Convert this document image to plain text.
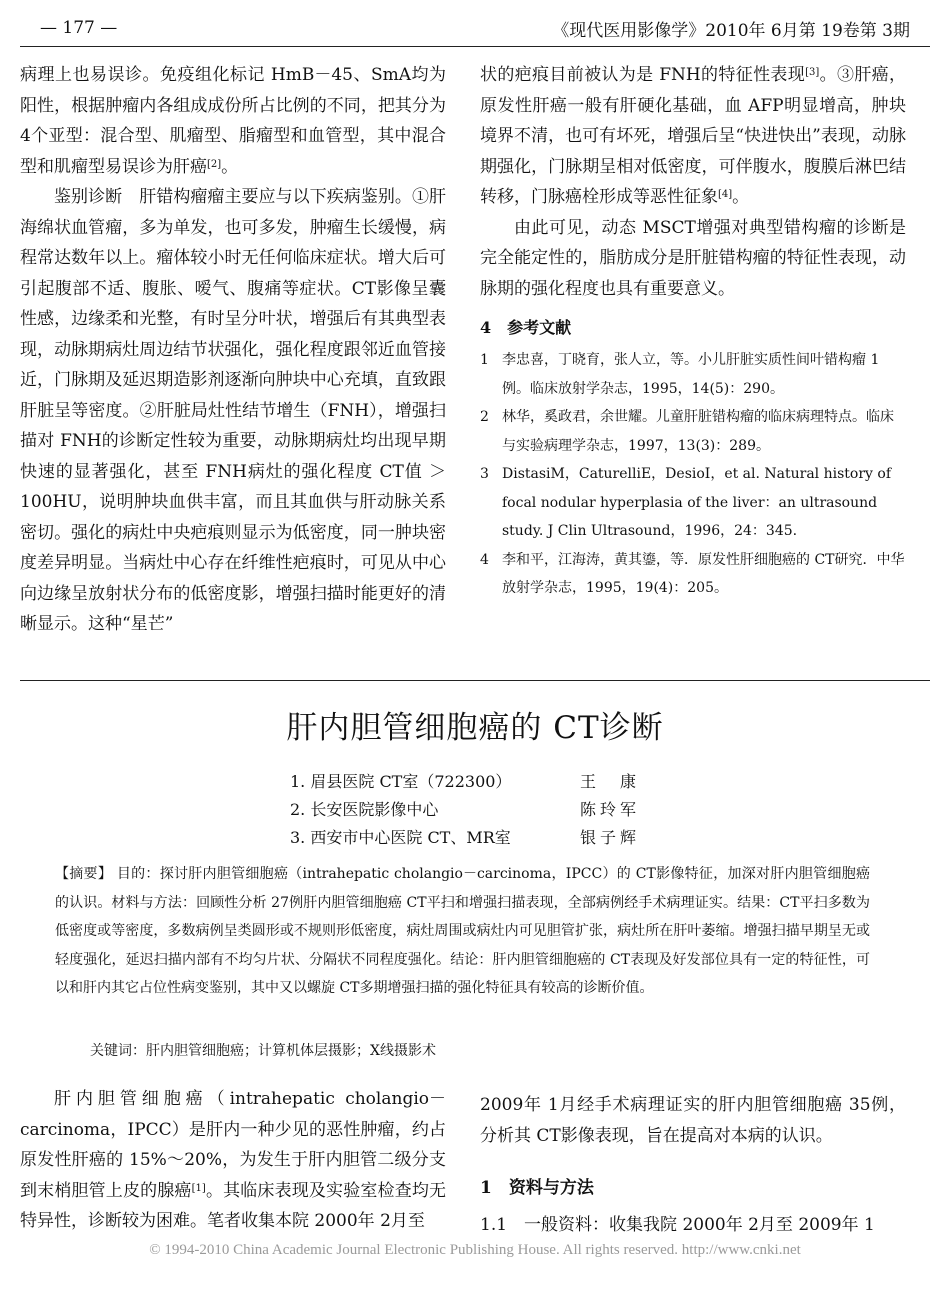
— 177 —	《现代医用影像学》2010年 6月第 19卷第 3期

病理上也易误诊。免疫组化标记 HmB－45、SmA均为阳性，根据肿瘤内各组成成份所占比例的不同，把其分为 4个亚型：混合型、肌瘤型、脂瘤型和血管型，其中混合型和肌瘤型易误诊为肝癌[2]。

鉴别诊断　肝错构瘤瘤主要应与以下疾病鉴别。①肝海绵状血管瘤，多为单发，也可多发，肿瘤生长缓慢，病程常达数年以上。瘤体较小时无任何临床症状。增大后可引起腹部不适、腹胀、嗳气、腹痛等症状。CT影像呈囊性感，边缘柔和光整，有时呈分叶状，增强后有其典型表现，动脉期病灶周边结节状强化，强化程度跟邻近血管接近，门脉期及延迟期造影剂逐渐向肿块中心充填，直致跟肝脏呈等密度。②肝脏局灶性结节增生（FNH），增强扫描对 FNH的诊断定性较为重要，动脉期病灶均出现早期快速的显著强化，甚至 FNH病灶的强化程度 CT值 ＞100HU，说明肿块血供丰富，而且其血供与肝动脉关系密切。强化的病灶中央疤痕则显示为低密度，同一肿块密度差异明显。当病灶中心存在纤维性疤痕时，可见从中心向边缘呈放射状分布的低密度影，增强扫描时能更好的清晰显示。这种“星芒”

状的疤痕目前被认为是 FNH的特征性表现[3]。③肝癌，原发性肝癌一般有肝硬化基础，血 AFP明显增高，肿块境界不清，也可有坏死，增强后呈“快进快出”表现，动脉期强化，门脉期呈相对低密度，可伴腹水，腹膜后淋巴结转移，门脉癌栓形成等恶性征象[4]。

由此可见，动态 MSCT增强对典型错构瘤的诊断是完全能定性的，脂肪成分是肝脏错构瘤的特征性表现，动脉期的强化程度也具有重要意义。

4　参考文献
1 李忠喜，丁晓育，张人立，等。小儿肝脏实质性间叶错构瘤 1例。临床放射学杂志，1995，14(5)：290。
2 林华，奚政君，余世耀。儿童肝脏错构瘤的临床病理特点。临床与实验病理学杂志，1997，13(3)：289。
3 DistasiM，CaturelliE，DesioI，et al. Natural history of focal nodular hyperplasia of the liver：an ultrasound study. J Clin Ultrasound，1996，24：345.
4 李和平，江海涛，黄其鎏，等．原发性肝细胞癌的 CT研究．中华放射学杂志，1995，19(4)：205。
肝内胆管细胞癌的 CT诊断
1. 眉县医院 CT室（722300）	王　康
2. 长安医院影像中心	陈玲军
3. 西安市中心医院 CT、MR室	银子辉
【摘要】 目的：探讨肝内胆管细胞癌（intrahepatic cholangio－carcinoma，IPCC）的 CT影像特征，加深对肝内胆管细胞癌的认识。材料与方法：回顾性分析 27例肝内胆管细胞癌 CT平扫和增强扫描表现，全部病例经手术病理证实。结果：CT平扫多数为低密度或等密度，多数病例呈类圆形或不规则形低密度，病灶周围或病灶内可见胆管扩张，病灶所在肝叶萎缩。增强扫描早期呈无或轻度强化，延迟扫描内部有不均匀片状、分隔状不同程度强化。结论：肝内胆管细胞癌的 CT表现及好发部位具有一定的特征性，可以和肝内其它占位性病变鉴别，其中又以螺旋 CT多期增强扫描的强化特征具有较高的诊断价值。
关键词：肝内胆管细胞癌；计算机体层摄影；X线摄影术

肝内胆管细胞癌（intrahepatic cholangio－carcinoma，IPCC）是肝内一种少见的恶性肿瘤，约占原发性肝癌的 15%～20%，为发生于肝内胆管二级分支到末梢胆管上皮的腺癌[1]。其临床表现及实验室检查均无特异性，诊断较为困难。笔者收集本院 2000年 2月至

2009年 1月经手术病理证实的肝内胆管细胞癌 35例，分析其 CT影像表现，旨在提高对本病的认识。

1　资料与方法

1.1　一般资料：收集我院 2000年 2月至 2009年 1

© 1994-2010 China Academic Journal Electronic Publishing House. All rights reserved. http://www.cnki.net
